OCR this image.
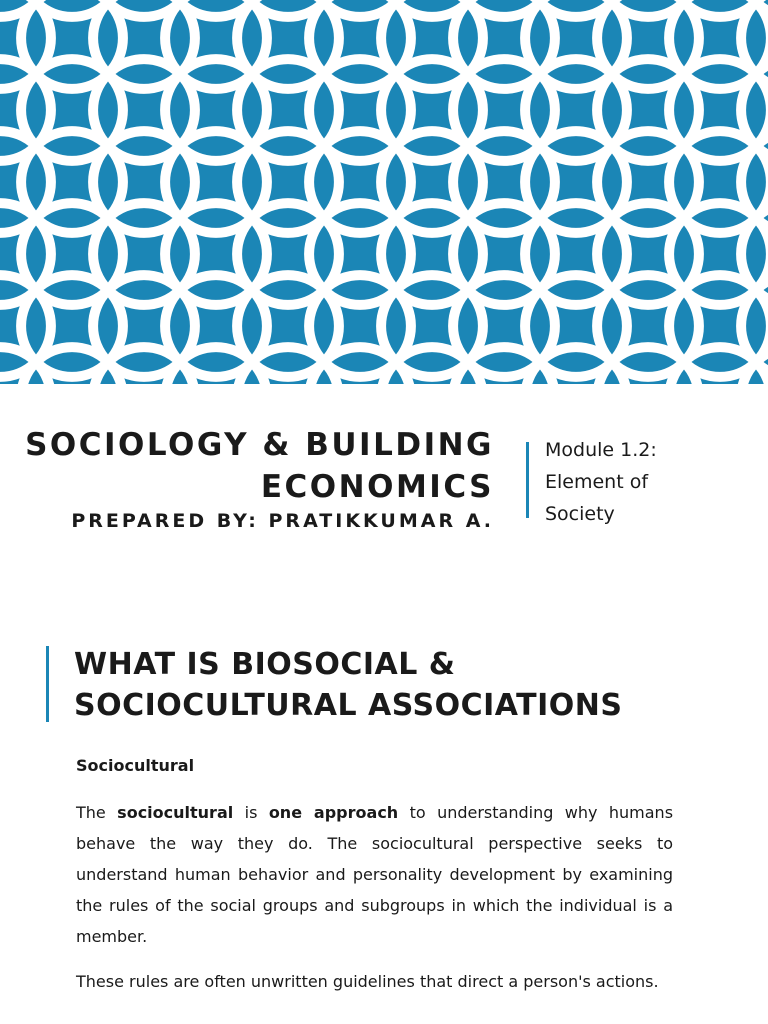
SOCIOLOGY & BUILDING
ECONOMICS

PREPARED BY: PRATIKKUMAR A.

Module 1.2:
Element of
Society

WHAT IS BIOSOCIAL &
SOCIOCULTURAL ASSOCIATIONS

Sociocultural

The sociocultural is one approach to understanding why humans behave the way they do. The sociocultural perspective seeks to understand human behavior and personality development by examining the rules of the social groups and subgroups in which the individual is a member.

These rules are often unwritten guidelines that direct a person's actions.
